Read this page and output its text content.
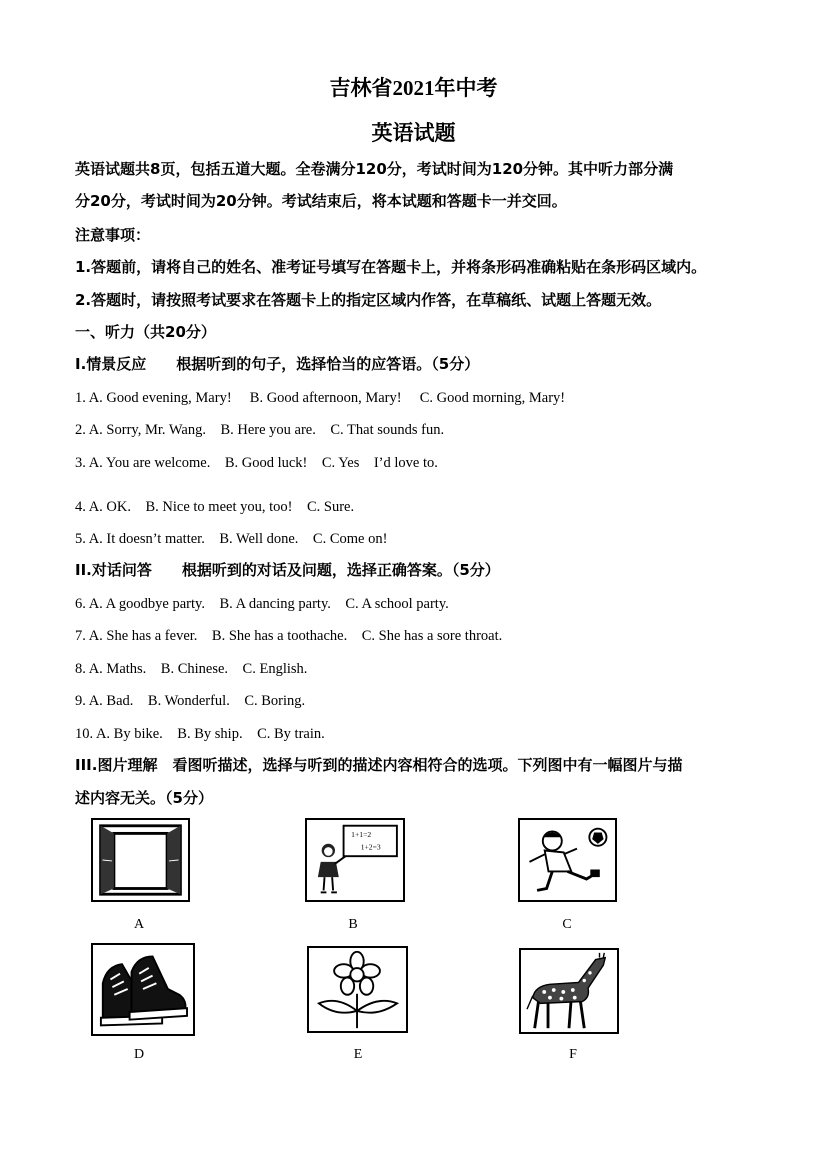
吉林省2021年中考
英语试题
英语试题共8页，包括五道大题。全卷满分120分，考试时间为120分钟。其中听力部分满
分20分，考试时间为20分钟。考试结束后，将本试题和答题卡一并交回。
注意事项：
1.答题前，请将自己的姓名、准考证号填写在答题卡上，并将条形码准确粘贴在条形码区域内。
2.答题时，请按照考试要求在答题卡上的指定区域内作答，在草稿纸、试题上答题无效。
一、听力（共20分）
I.情景反应　　根据听到的句子，选择恰当的应答语。（5分）
1. A. Good evening, Mary!　 B. Good afternoon, Mary!　 C. Good morning, Mary!
2. A. Sorry, Mr. Wang.　B. Here you are.　C. That sounds fun.
3. A. You are welcome.　B. Good luck!　C. Yes　I’d love to.
4. A. OK.　B. Nice to meet you, too!　C. Sure.
5. A. It doesn’t matter.　B. Well done.　C. Come on!
II.对话问答　　根据听到的对话及问题，选择正确答案。（5分）
6. A. A goodbye party.　B. A dancing party.　C. A school party.
7. A. She has a fever.　B. She has a toothache.　C. She has a sore throat.
8. A. Maths.　B. Chinese.　C. English.
9. A. Bad.　B. Wonderful.　C. Boring.
10. A. By bike.　B. By ship.　C. By train.
III.图片理解　看图听描述，选择与听到的描述内容相符合的选项。下列图中有一幅图片与描
述内容无关。（5分）
A
1+1=2
1+2=3
B	C
D	E	F
